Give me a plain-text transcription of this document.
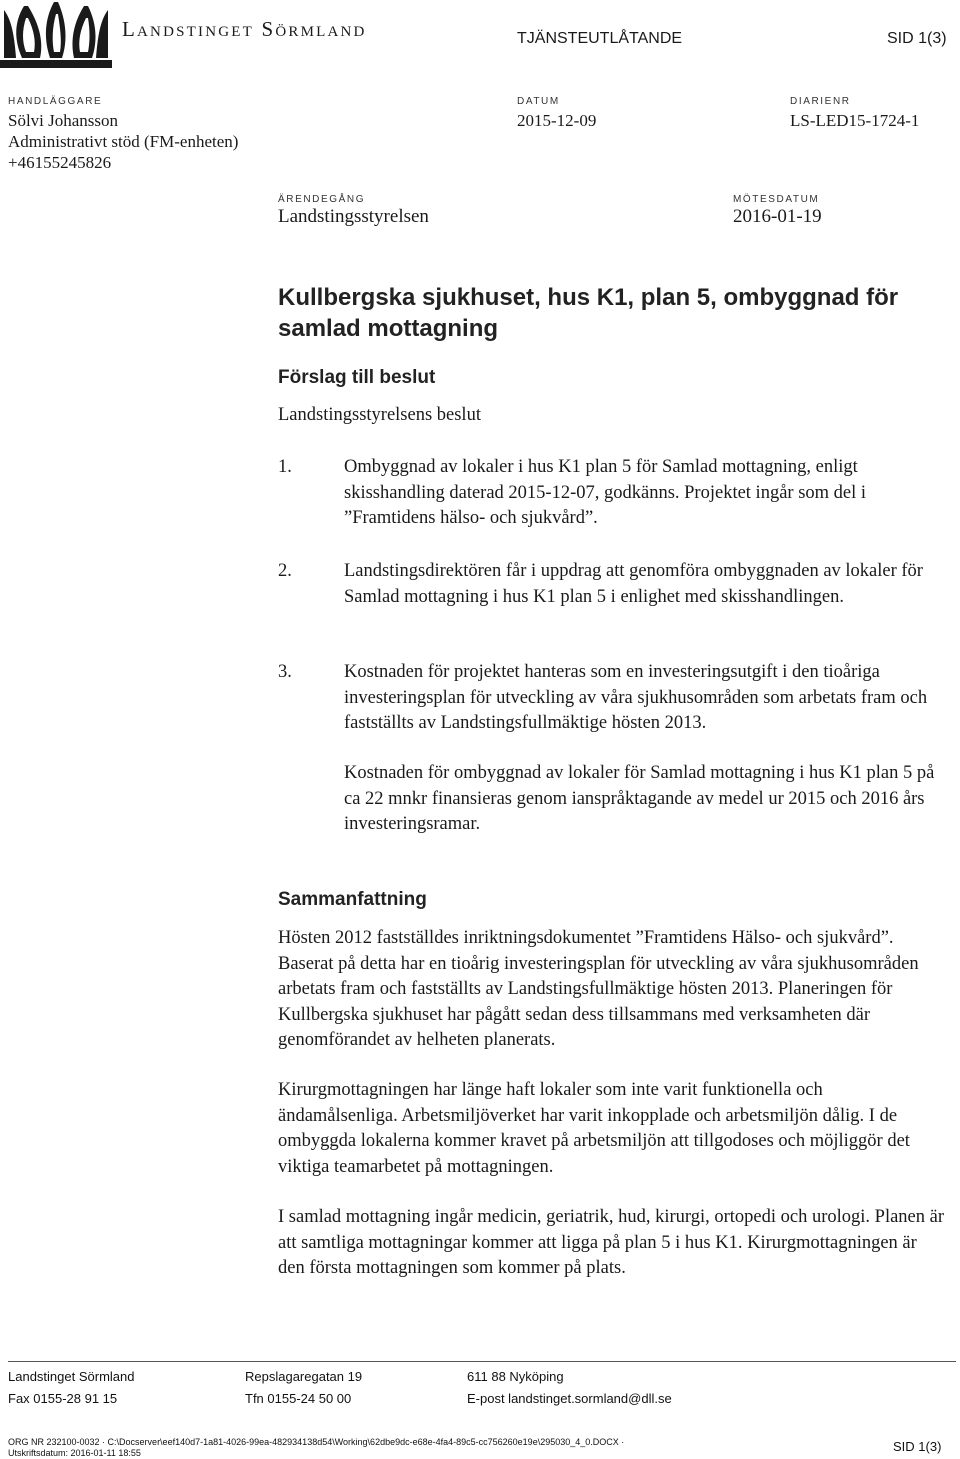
Landstinget Sörmland	TJÄNSTEUTLÅTANDE	SID 1(3)
HANDLÄGGARE
Sölvi Johansson
Administrativt stöd (FM-enheten)
+46155245826
DATUM
2015-12-09
DIARIENR
LS-LED15-1724-1
ÄRENDEGÅNG
Landstingsstyrelsen
MÖTESDATUM
2016-01-19
Kullbergska sjukhuset, hus K1, plan 5, ombyggnad för
samlad mottagning
Förslag till beslut
Landstingsstyrelsens beslut
1.	Ombyggnad av lokaler i hus K1 plan 5 för Samlad mottagning, enligt skisshandling daterad 2015-12-07, godkänns. Projektet ingår som del i ”Framtidens hälso- och sjukvård”.
2.	Landstingsdirektören får i uppdrag att genomföra ombyggnaden av lokaler för Samlad mottagning i hus K1 plan 5 i enlighet med skisshandlingen.
3.	Kostnaden för projektet hanteras som en investeringsutgift i den tioåriga investeringsplan för utveckling av våra sjukhusområden som arbetats fram och fastställts av Landstingsfullmäktige hösten 2013.
Kostnaden för ombyggnad av lokaler för Samlad mottagning i hus K1 plan 5 på ca 22 mnkr finansieras genom ianspråktagande av medel ur 2015 och 2016 års investeringsramar.
Sammanfattning
Hösten 2012 fastställdes inriktningsdokumentet ”Framtidens Hälso- och sjukvård”. Baserat på detta har en tioårig investeringsplan för utveckling av våra sjukhusområden arbetats fram och fastställts av Landstingsfullmäktige hösten 2013. Planeringen för Kullbergska sjukhuset har pågått sedan dess tillsammans med verksamheten där genomförandet av helheten planerats.
Kirurgmottagningen har länge haft lokaler som inte varit funktionella och ändamålsenliga. Arbetsmiljöverket har varit inkopplade och arbetsmiljön dålig. I de ombyggda lokalerna kommer kravet på arbetsmiljön att tillgodoses och möjliggör det viktiga teamarbetet på mottagningen.
I samlad mottagning ingår medicin, geriatrik, hud, kirurgi, ortopedi och urologi. Planen är att samtliga mottagningar kommer att ligga på plan 5 i hus K1. Kirurgmottagningen är den första mottagningen som kommer på plats.
Landstinget Sörmland	Repslagaregatan 19	611 88 Nyköping
Fax 0155-28 91 15	Tfn 0155-24 50 00	E-post landstinget.sormland@dll.se
ORG NR 232100-0032 · C:\Docserver\eef140d7-1a81-4026-99ea-482934138d54\Working\62dbe9dc-e68e-4fa4-89c5-cc756260e19e\295030_4_0.DOCX ·
Utskriftsdatum: 2016-01-11 18:55	SID 1(3)
